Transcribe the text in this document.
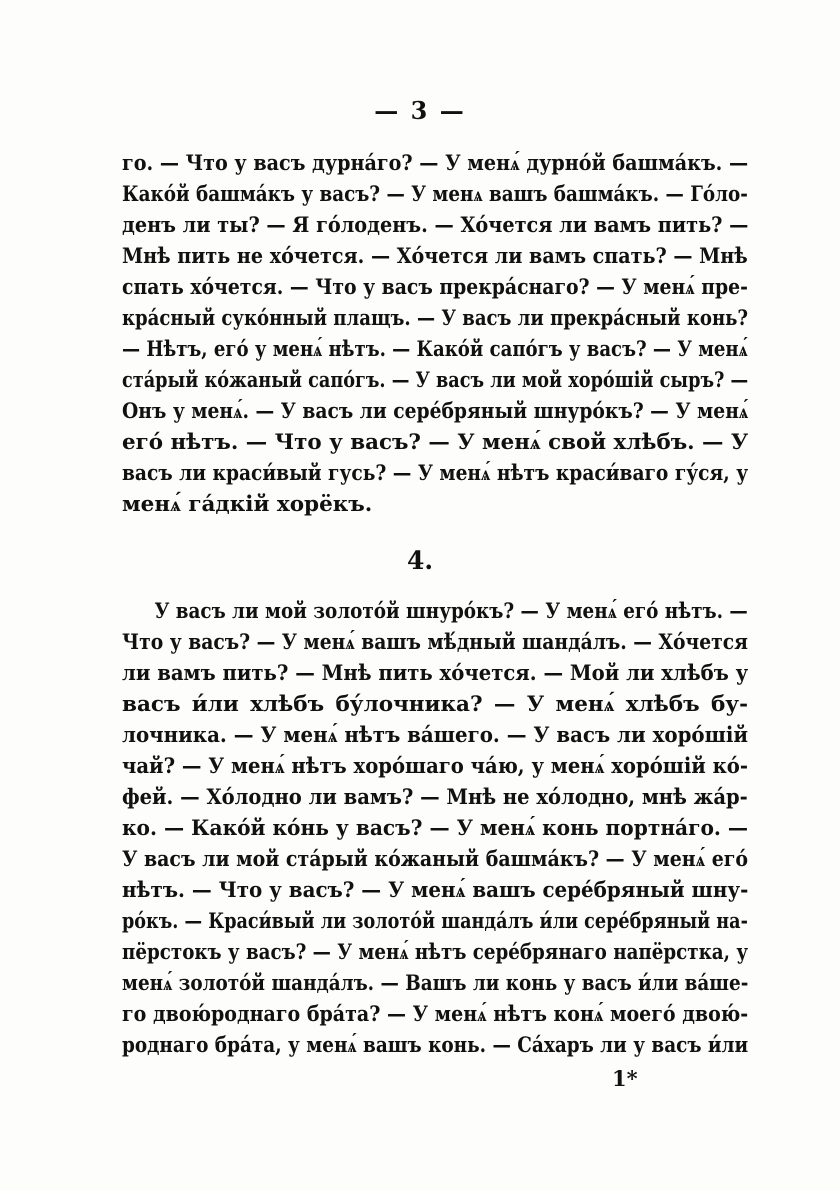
— 3 —
го. — Что у васъ дурнáго? — У менѧ́ дурнóй башмáкъ. —
Какóй башмáкъ у васъ? — У менѧ вашъ башмáкъ. — Гóло-
денъ ли ты? — Я гóлоденъ. — Хóчется ли вамъ пить? —
Мнѣ пить не хóчется. — Хóчется ли вамъ спать? — Мнѣ
спать хóчется. — Что у васъ прекрáснаго? — У менѧ́ пре-
крáсный сукóнный плащъ. — У васъ ли прекрáсный конь?
— Нѣтъ, егó у менѧ́ нѣтъ. — Какóй сапóгъ у васъ? — У менѧ́
стáрый кóжаный сапóгъ. — У васъ ли мой хорóшій сыръ? —
Онъ у менѧ́. — У васъ ли серéбряный шнурóкъ? — У менѧ́
егó нѣтъ. — Что у васъ? — У менѧ́ свой хлѣбъ. — У
васъ ли краси́вый гусь? — У менѧ́ нѣтъ краси́ваго гу́ся, у
менѧ́ гáдкій хорёкъ.
4.
У васъ ли мой золотóй шнурóкъ? — У менѧ́ егó нѣтъ. —
Что у васъ? — У менѧ́ вашъ мѣ́дный шандáлъ. — Хóчется
ли вамъ пить? — Мнѣ пить хóчется. — Мой ли хлѣбъ у
васъ и́ли хлѣбъ бу́лочника? — У менѧ́ хлѣбъ бу-
лочника. — У менѧ́ нѣтъ вáшего. — У васъ ли хорóшій
чай? — У менѧ́ нѣтъ хорóшаго чáю, у менѧ́ хорóшій кó-
фей. — Хóлодно ли вамъ? — Мнѣ не хóлодно, мнѣ жáр-
ко. — Какóй кóнь у васъ? — У менѧ́ конь портнáго. —
У васъ ли мой стáрый кóжаный башмáкъ? — У менѧ́ егó
нѣтъ. — Что у васъ? — У менѧ́ вашъ серéбряный шну-
рóкъ. — Краси́вый ли золотóй шандáлъ и́ли серéбряный на-
пёрстокъ у васъ? — У менѧ́ нѣтъ серéбрянаго напёрстка, у
менѧ́ золотóй шандáлъ. — Вашъ ли конь у васъ и́ли вáше-
го двою́роднаго брáта? — У менѧ́ нѣтъ конѧ́ моегó двою́-
роднаго брáта, у менѧ́ вашъ конь. — Сáхаръ ли у васъ и́ли
1*
